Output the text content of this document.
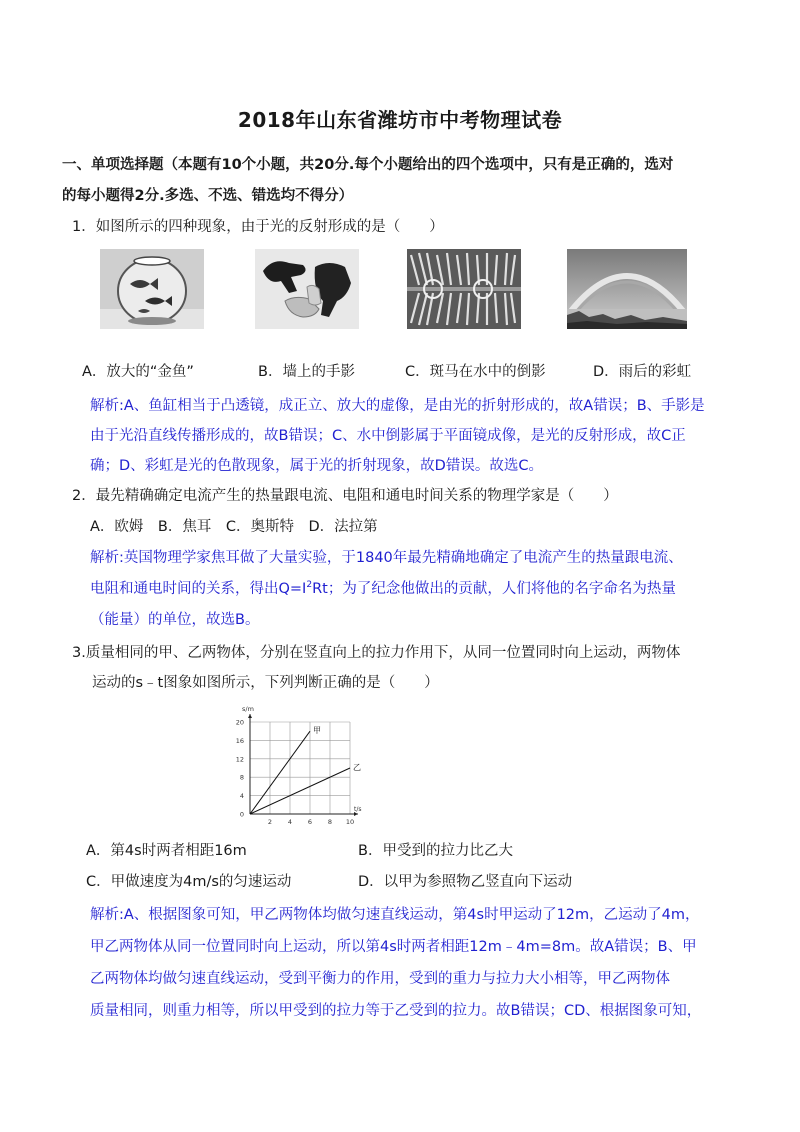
2018年山东省潍坊市中考物理试卷
一、单项选择题（本题有10个小题，共20分.每个小题给出的四个选项中，只有是正确的，选对
的每小题得2分.多选、不选、错选均不得分）
1．如图所示的四种现象，由于光的反射形成的是（　　）
A．放大的“金鱼”	B．墙上的手影	C．斑马在水中的倒影	D．雨后的彩虹
解析:A、鱼缸相当于凸透镜，成正立、放大的虚像，是由光的折射形成的，故A错误；B、手影是
由于光沿直线传播形成的，故B错误；C、水中倒影属于平面镜成像，是光的反射形成，故C正
确；D、彩虹是光的色散现象，属于光的折射现象，故D错误。故选C。
2．最先精确确定电流产生的热量跟电流、电阻和通电时间关系的物理学家是（　　）
A．欧姆　B．焦耳　C．奥斯特　D．法拉第
解析:英国物理学家焦耳做了大量实验，于1840年最先精确地确定了电流产生的热量跟电流、
电阻和通电时间的关系，得出$Q=I^2Rt$；为了纪念他做出的贡献，人们将他的名字命名为热量
（能量）的单位，故选B。
3.质量相同的甲、乙两物体，分别在竖直向上的拉力作用下，从同一位置同时向上运动，两物体
运动的s﹣t图象如图所示，下列判断正确的是（　　）
2 4 6 8 10
0
4
8
12
16
20
s/m
t/s
甲
乙
A．第4s时两者相距16m	B．甲受到的拉力比乙大
C．甲做速度为4m/s的匀速运动	D．以甲为参照物乙竖直向下运动
解析:A、根据图象可知，甲乙两物体均做匀速直线运动，第4s时甲运动了12m，乙运动了4m，
甲乙两物体从同一位置同时向上运动，所以第4s时两者相距12m﹣4m=8m。故A错误；B、甲
乙两物体均做匀速直线运动，受到平衡力的作用，受到的重力与拉力大小相等，甲乙两物体
质量相同，则重力相等，所以甲受到的拉力等于乙受到的拉力。故B错误；CD、根据图象可知，
